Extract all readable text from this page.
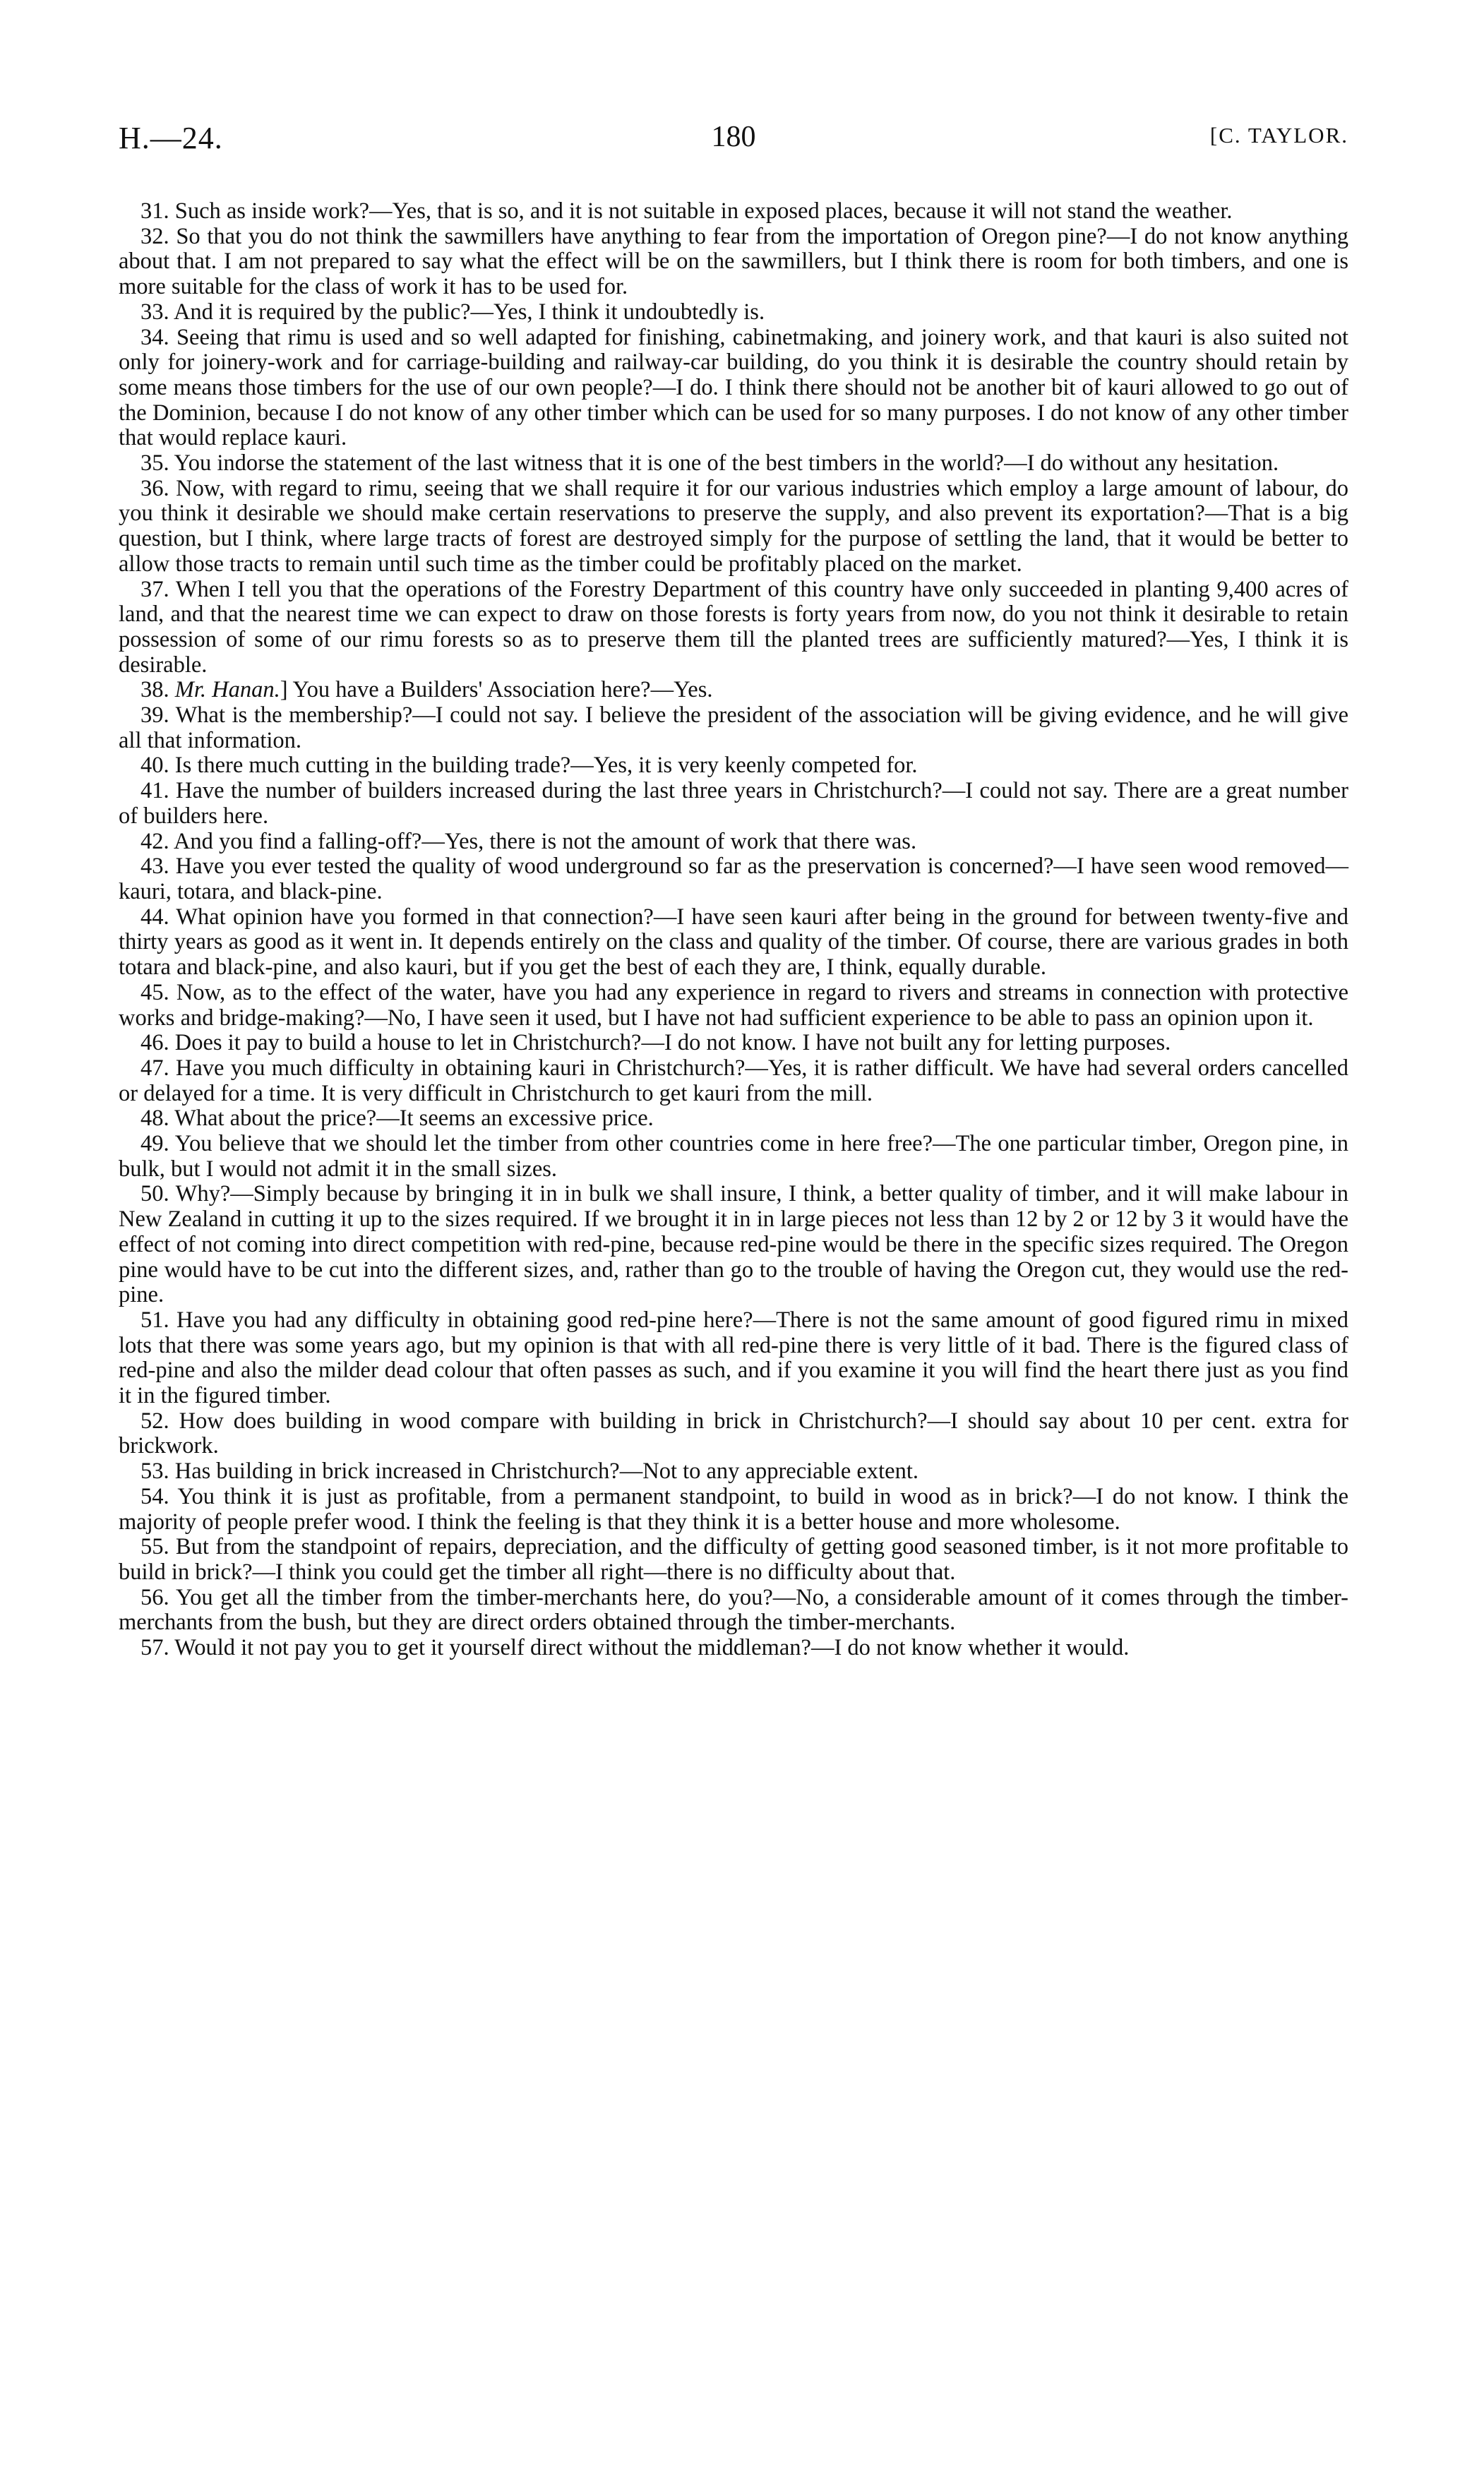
H.—24.	180	[C. TAYLOR.

31. Such as inside work?—Yes, that is so, and it is not suitable in exposed places, because it will not stand the weather.

32. So that you do not think the sawmillers have anything to fear from the importation of Oregon pine?—I do not know anything about that. I am not prepared to say what the effect will be on the sawmillers, but I think there is room for both timbers, and one is more suitable for the class of work it has to be used for.

33. And it is required by the public?—Yes, I think it undoubtedly is.

34. Seeing that rimu is used and so well adapted for finishing, cabinetmaking, and joinery work, and that kauri is also suited not only for joinery-work and for carriage-building and railway-car building, do you think it is desirable the country should retain by some means those timbers for the use of our own people?—I do. I think there should not be another bit of kauri allowed to go out of the Dominion, because I do not know of any other timber which can be used for so many purposes. I do not know of any other timber that would replace kauri.

35. You indorse the statement of the last witness that it is one of the best timbers in the world?—I do without any hesitation.

36. Now, with regard to rimu, seeing that we shall require it for our various industries which employ a large amount of labour, do you think it desirable we should make certain reservations to preserve the supply, and also prevent its exportation?—That is a big question, but I think, where large tracts of forest are destroyed simply for the purpose of settling the land, that it would be better to allow those tracts to remain until such time as the timber could be profitably placed on the market.

37. When I tell you that the operations of the Forestry Department of this country have only succeeded in planting 9,400 acres of land, and that the nearest time we can expect to draw on those forests is forty years from now, do you not think it desirable to retain possession of some of our rimu forests so as to preserve them till the planted trees are sufficiently matured?—Yes, I think it is desirable.

38. Mr. Hanan.] You have a Builders' Association here?—Yes.

39. What is the membership?—I could not say. I believe the president of the association will be giving evidence, and he will give all that information.

40. Is there much cutting in the building trade?—Yes, it is very keenly competed for.

41. Have the number of builders increased during the last three years in Christchurch?—I could not say. There are a great number of builders here.

42. And you find a falling-off?—Yes, there is not the amount of work that there was.

43. Have you ever tested the quality of wood underground so far as the preservation is concerned?—I have seen wood removed—kauri, totara, and black-pine.

44. What opinion have you formed in that connection?—I have seen kauri after being in the ground for between twenty-five and thirty years as good as it went in. It depends entirely on the class and quality of the timber. Of course, there are various grades in both totara and black-pine, and also kauri, but if you get the best of each they are, I think, equally durable.

45. Now, as to the effect of the water, have you had any experience in regard to rivers and streams in connection with protective works and bridge-making?—No, I have seen it used, but I have not had sufficient experience to be able to pass an opinion upon it.

46. Does it pay to build a house to let in Christchurch?—I do not know. I have not built any for letting purposes.

47. Have you much difficulty in obtaining kauri in Christchurch?—Yes, it is rather difficult. We have had several orders cancelled or delayed for a time. It is very difficult in Christchurch to get kauri from the mill.

48. What about the price?—It seems an excessive price.

49. You believe that we should let the timber from other countries come in here free?—The one particular timber, Oregon pine, in bulk, but I would not admit it in the small sizes.

50. Why?—Simply because by bringing it in in bulk we shall insure, I think, a better quality of timber, and it will make labour in New Zealand in cutting it up to the sizes required. If we brought it in in large pieces not less than 12 by 2 or 12 by 3 it would have the effect of not coming into direct competition with red-pine, because red-pine would be there in the specific sizes required. The Oregon pine would have to be cut into the different sizes, and, rather than go to the trouble of having the Oregon cut, they would use the red-pine.

51. Have you had any difficulty in obtaining good red-pine here?—There is not the same amount of good figured rimu in mixed lots that there was some years ago, but my opinion is that with all red-pine there is very little of it bad. There is the figured class of red-pine and also the milder dead colour that often passes as such, and if you examine it you will find the heart there just as you find it in the figured timber.

52. How does building in wood compare with building in brick in Christchurch?—I should say about 10 per cent. extra for brickwork.

53. Has building in brick increased in Christchurch?—Not to any appreciable extent.

54. You think it is just as profitable, from a permanent standpoint, to build in wood as in brick?—I do not know. I think the majority of people prefer wood. I think the feeling is that they think it is a better house and more wholesome.

55. But from the standpoint of repairs, depreciation, and the difficulty of getting good seasoned timber, is it not more profitable to build in brick?—I think you could get the timber all right—there is no difficulty about that.

56. You get all the timber from the timber-merchants here, do you?—No, a considerable amount of it comes through the timber-merchants from the bush, but they are direct orders obtained through the timber-merchants.

57. Would it not pay you to get it yourself direct without the middleman?—I do not know whether it would.
